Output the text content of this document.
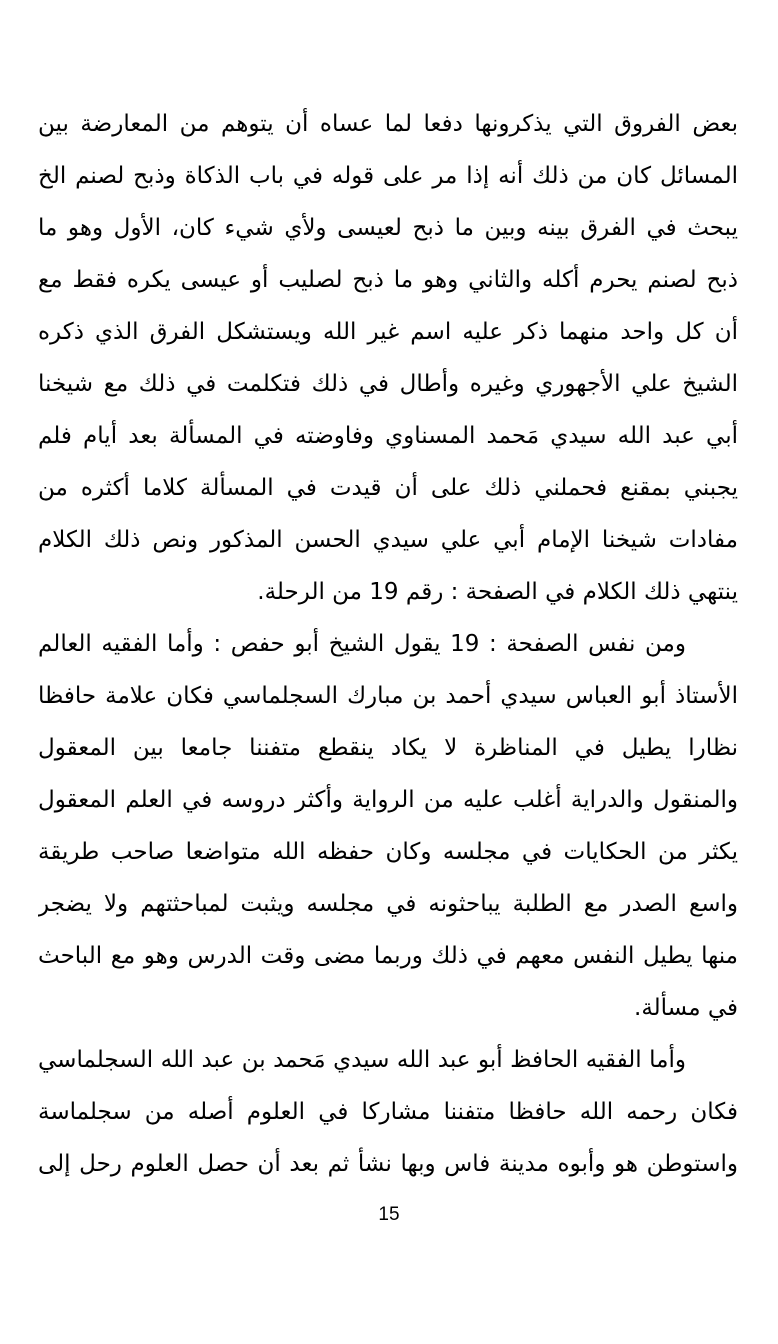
بعض الفروق التي يذكرونها دفعا لما عساه أن يتوهم من المعارضة بين
المسائل كان من ذلك أنه إذا مر على قوله في باب الذكاة وذبح لصنم الخ
يبحث في الفرق بينه وبين ما ذبح لعيسى ولأي شيء كان، الأول وهو ما
ذبح لصنم يحرم أكله والثاني وهو ما ذبح لصليب أو عيسى يكره فقط مع
أن كل واحد منهما ذكر عليه اسم غير الله ويستشكل الفرق الذي ذكره
الشيخ علي الأجهوري وغيره وأطال في ذلك فتكلمت في ذلك مع شيخنا
أبي عبد الله سيدي مَحمد المسناوي وفاوضته في المسألة بعد أيام فلم
يجبني بمقنع فحملني ذلك على أن قيدت في المسألة كلاما أكثره من
مفادات شيخنا الإمام أبي علي سيدي الحسن المذكور ونص ذلك الكلام
ينتهي ذلك الكلام في الصفحة : رقم 19 من الرحلة.
ومن نفس الصفحة : 19 يقول الشيخ أبو حفص : وأما الفقيه العالم
الأستاذ أبو العباس سيدي أحمد بن مبارك السجلماسي فكان علامة حافظا
نظارا يطيل في المناظرة لا يكاد ينقطع متفننا جامعا بين المعقول
والمنقول والدراية أغلب عليه من الرواية وأكثر دروسه في العلم المعقول
يكثر من الحكايات في مجلسه وكان حفظه الله متواضعا صاحب طريقة
واسع الصدر مع الطلبة يباحثونه في مجلسه ويثبت لمباحثتهم ولا يضجر
منها يطيل النفس معهم في ذلك وربما مضى وقت الدرس وهو مع الباحث
في مسألة.
وأما الفقيه الحافظ أبو عبد الله سيدي مَحمد بن عبد الله السجلماسي
فكان رحمه الله حافظا متفننا مشاركا في العلوم أصله من سجلماسة
واستوطن هو وأبوه مدينة فاس وبها نشأ ثم بعد أن حصل العلوم رحل إلى
15
